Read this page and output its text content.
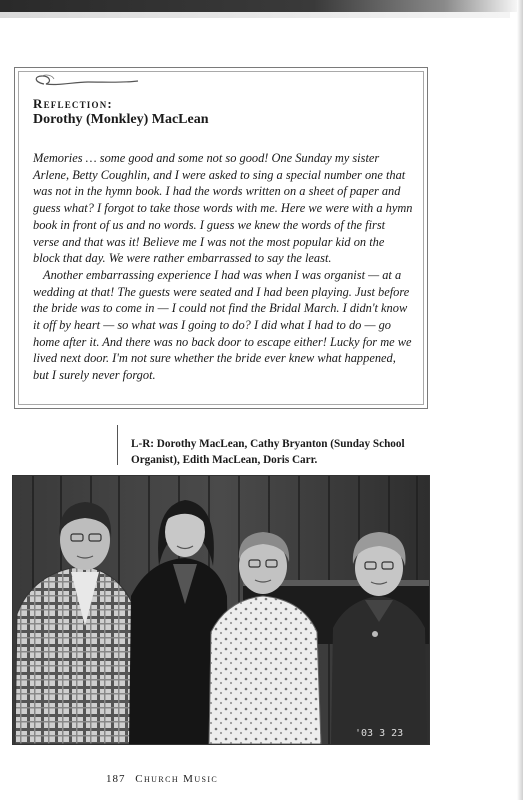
Reflection:
Dorothy (Monkley) MacLean

Memories … some good and some not so good! One Sunday my sister Arlene, Betty Coughlin, and I were asked to sing a special number one that was not in the hymn book. I had the words written on a sheet of paper and guess what? I forgot to take those words with me. Here we were with a hymn book in front of us and no words. I guess we knew the words of the first verse and that was it! Believe me I was not the most popular kid on the block that day. We were rather embarrassed to say the least.

Another embarrassing experience I had was when I was organist — at a wedding at that! The guests were seated and I had been playing. Just before the bride was to come in — I could not find the Bridal March. I didn't know it off by heart — so what was I going to do? I did what I had to do — go home after it. And there was no back door to escape either! Lucky for me we lived next door. I'm not sure whether the bride ever knew what happened, but I surely never forgot.

L-R: Dorothy MacLean, Cathy Bryanton (Sunday School Organist), Edith MacLean, Doris Carr.

'03 3 23

187 Church Music
